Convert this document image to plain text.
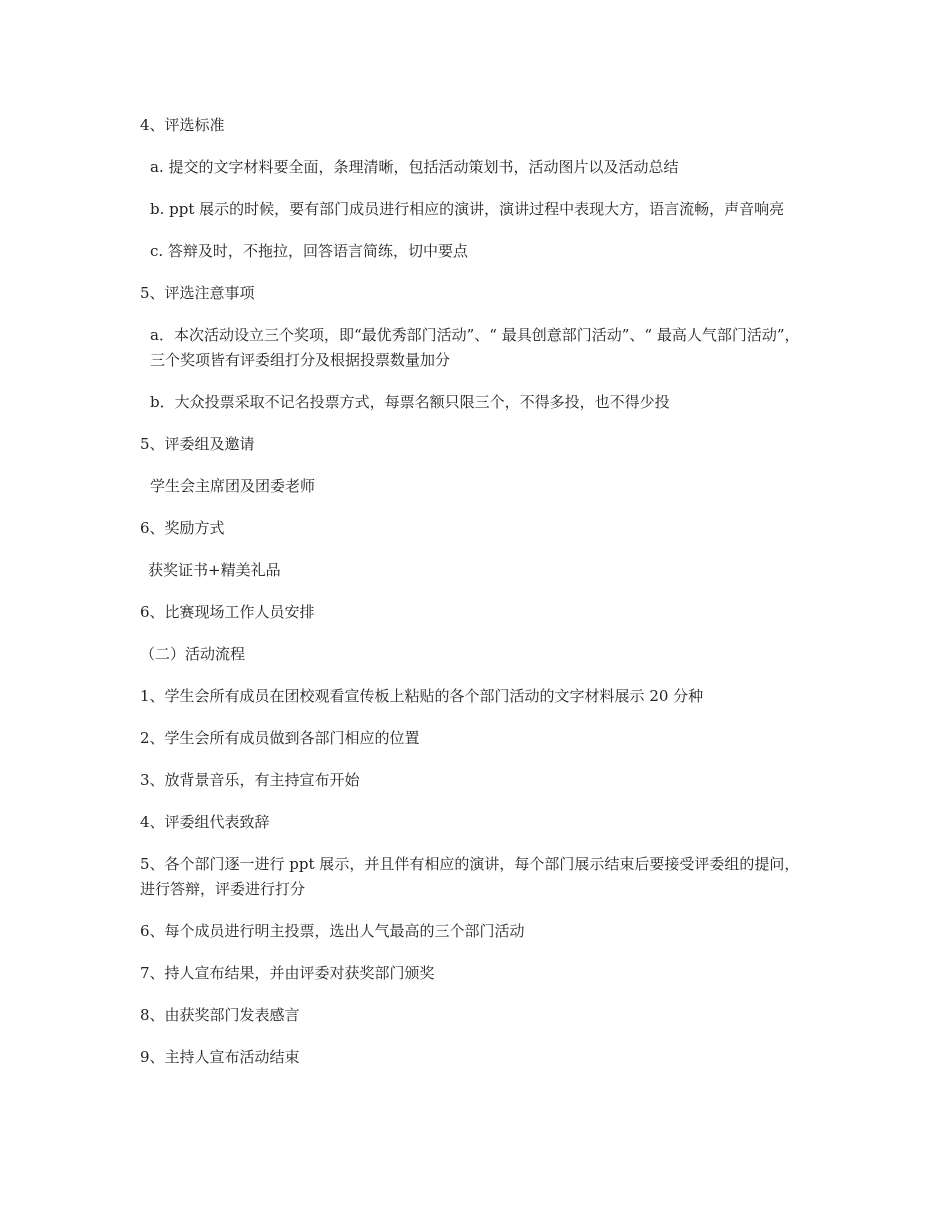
4、评选标准

a. 提交的文字材料要全面，条理清晰，包括活动策划书，活动图片以及活动总结

b. ppt 展示的时候，要有部门成员进行相应的演讲，演讲过程中表现大方，语言流畅，声音响亮

c. 答辩及时，不拖拉，回答语言简练，切中要点

5、评选注意事项

a．本次活动设立三个奖项，即“最优秀部门活动”、“ 最具创意部门活动”、“ 最高人气部门活动”，三个奖项皆有评委组打分及根据投票数量加分

b．大众投票采取不记名投票方式，每票名额只限三个，不得多投，也不得少投

5、评委组及邀请

学生会主席团及团委老师

6、奖励方式

获奖证书+精美礼品

6、比赛现场工作人员安排

（二）活动流程

1、学生会所有成员在团校观看宣传板上粘贴的各个部门活动的文字材料展示 20 分种

2、学生会所有成员做到各部门相应的位置

3、放背景音乐，有主持宣布开始

4、评委组代表致辞

5、各个部门逐一进行 ppt 展示，并且伴有相应的演讲，每个部门展示结束后要接受评委组的提问，进行答辩，评委进行打分

6、每个成员进行明主投票，选出人气最高的三个部门活动

7、持人宣布结果，并由评委对获奖部门颁奖

8、由获奖部门发表感言

9、主持人宣布活动结束
